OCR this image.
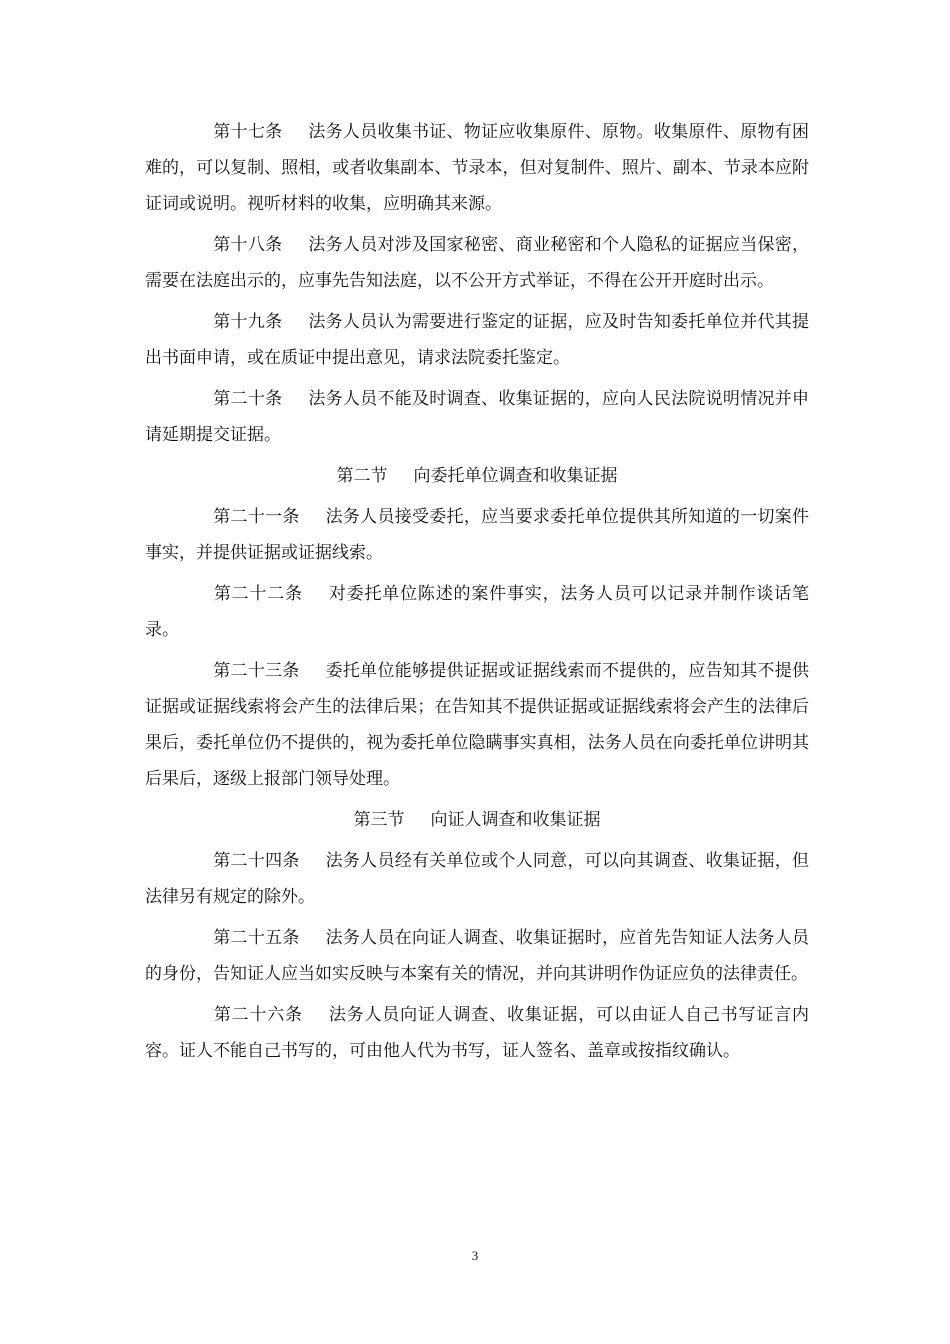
第十七条 法务人员收集书证、物证应收集原件、原物。收集原件、原物有困难的，可以复制、照相，或者收集副本、节录本，但对复制件、照片、副本、节录本应附证词或说明。视听材料的收集，应明确其来源。

第十八条 法务人员对涉及国家秘密、商业秘密和个人隐私的证据应当保密，需要在法庭出示的，应事先告知法庭，以不公开方式举证，不得在公开开庭时出示。

第十九条 法务人员认为需要进行鉴定的证据，应及时告知委托单位并代其提出书面申请，或在质证中提出意见，请求法院委托鉴定。

第二十条 法务人员不能及时调查、收集证据的，应向人民法院说明情况并申请延期提交证据。

第二节 向委托单位调查和收集证据

第二十一条 法务人员接受委托，应当要求委托单位提供其所知道的一切案件事实，并提供证据或证据线索。

第二十二条 对委托单位陈述的案件事实，法务人员可以记录并制作谈话笔录。

第二十三条 委托单位能够提供证据或证据线索而不提供的，应告知其不提供证据或证据线索将会产生的法律后果；在告知其不提供证据或证据线索将会产生的法律后果后，委托单位仍不提供的，视为委托单位隐瞒事实真相，法务人员在向委托单位讲明其后果后，逐级上报部门领导处理。

第三节 向证人调查和收集证据

第二十四条 法务人员经有关单位或个人同意，可以向其调查、收集证据，但法律另有规定的除外。

第二十五条 法务人员在向证人调查、收集证据时，应首先告知证人法务人员的身份，告知证人应当如实反映与本案有关的情况，并向其讲明作伪证应负的法律责任。

第二十六条 法务人员向证人调查、收集证据，可以由证人自己书写证言内容。证人不能自己书写的，可由他人代为书写，证人签名、盖章或按指纹确认。

3
